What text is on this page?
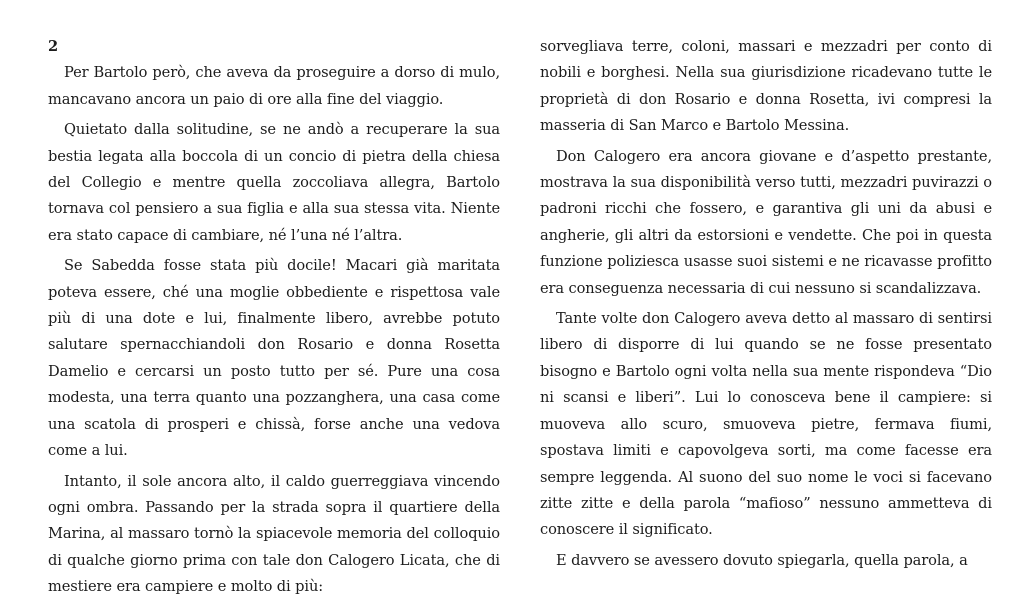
2

Per Bartolo però, che aveva da proseguire a dorso di mulo, mancavano ancora un paio di ore alla fine del viaggio.

Quietato dalla solitudine, se ne andò a recuperare la sua bestia legata alla boccola di un concio di pietra della chiesa del Collegio e mentre quella zoccoliava allegra, Bartolo tornava col pensiero a sua figlia e alla sua stessa vita. Niente era stato capace di cambiare, né l’una né l’altra.

Se Sabedda fosse stata più docile! Macari già maritata poteva essere, ché una moglie obbediente e rispettosa vale più di una dote e lui, finalmente libero, avrebbe potuto salutare spernacchiandoli don Rosario e donna Rosetta Damelio e cercarsi un posto tutto per sé. Pure una cosa modesta, una terra quanto una pozzanghera, una casa come una scatola di prosperi e chissà, forse anche una vedova come a lui.

Intanto, il sole ancora alto, il caldo guerreggiava vincendo ogni ombra. Passando per la strada sopra il quartiere della Marina, al massaro tornò la spiacevole memoria del colloquio di qualche giorno prima con tale don Calogero Licata, che di mestiere era campiere e molto di più:

sorvegliava terre, coloni, massari e mezzadri per conto di nobili e borghesi. Nella sua giurisdizione ricadevano tutte le proprietà di don Rosario e donna Rosetta, ivi compresi la masseria di San Marco e Bartolo Messina.

Don Calogero era ancora giovane e d’aspetto prestante, mostrava la sua disponibilità verso tutti, mezzadri puvirazzi o padroni ricchi che fossero, e garantiva gli uni da abusi e angherie, gli altri da estorsioni e vendette. Che poi in questa funzione poliziesca usasse suoi sistemi e ne ricavasse profitto era conseguenza necessaria di cui nessuno si scandalizzava.

Tante volte don Calogero aveva detto al massaro di sentirsi libero di disporre di lui quando se ne fosse presentato bisogno e Bartolo ogni volta nella sua mente rispondeva “Dio ni scansi e liberi”. Lui lo conosceva bene il campiere: si muoveva allo scuro, smuoveva pietre, fermava fiumi, spostava limiti e capovolgeva sorti, ma come facesse era sempre leggenda. Al suono del suo nome le voci si facevano zitte zitte e della parola “mafioso” nessuno ammetteva di conoscere il significato.

E davvero se avessero dovuto spiegarla, quella parola, a
